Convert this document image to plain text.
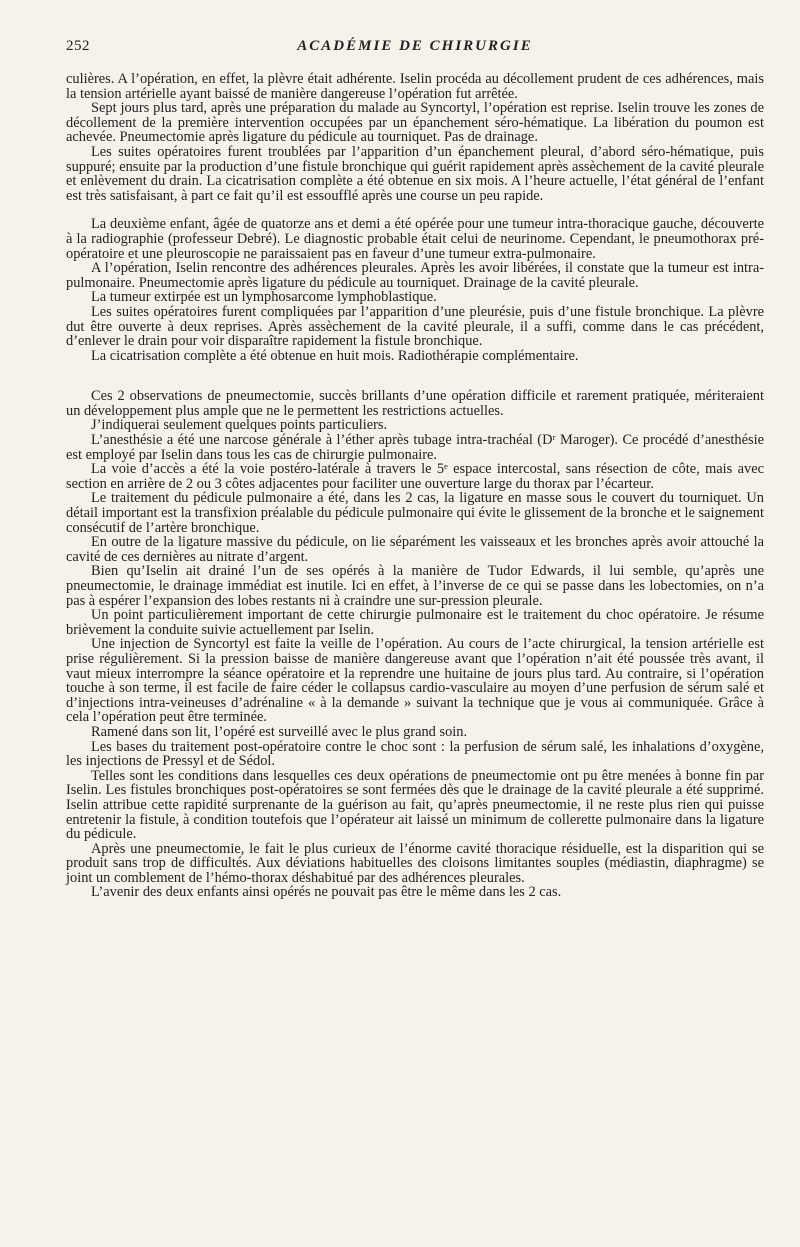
252	ACADÉMIE DE CHIRURGIE

culières. A l’opération, en effet, la plèvre était adhérente. Iselin procéda au décollement prudent de ces adhérences, mais la tension artérielle ayant baissé de manière dangereuse l’opération fut arrêtée.

Sept jours plus tard, après une préparation du malade au Syncortyl, l’opération est reprise. Iselin trouve les zones de décollement de la première intervention occupées par un épanchement séro-hématique. La libération du poumon est achevée. Pneumectomie après ligature du pédicule au tourniquet. Pas de drainage.

Les suites opératoires furent troublées par l’apparition d’un épanchement pleural, d’abord séro-hématique, puis suppuré; ensuite par la production d’une fistule bronchique qui guérit rapidement après assèchement de la cavité pleurale et enlèvement du drain. La cicatrisation complète a été obtenue en six mois. A l’heure actuelle, l’état général de l’enfant est très satisfaisant, à part ce fait qu’il est essoufflé après une course un peu rapide.

La deuxième enfant, âgée de quatorze ans et demi a été opérée pour une tumeur intra-thoracique gauche, découverte à la radiographie (professeur Debré). Le diagnostic probable était celui de neurinome. Cependant, le pneumothorax pré-opératoire et une pleuroscopie ne paraissaient pas en faveur d’une tumeur extra-pulmonaire.

A l’opération, Iselin rencontre des adhérences pleurales. Après les avoir libérées, il constate que la tumeur est intra-pulmonaire. Pneumectomie après ligature du pédicule au tourniquet. Drainage de la cavité pleurale.

La tumeur extirpée est un lymphosarcome lymphoblastique.

Les suites opératoires furent compliquées par l’apparition d’une pleurésie, puis d’une fistule bronchique. La plèvre dut être ouverte à deux reprises. Après assèchement de la cavité pleurale, il a suffi, comme dans le cas précédent, d’enlever le drain pour voir disparaître rapidement la fistule bronchique.

La cicatrisation complète a été obtenue en huit mois. Radiothérapie complémentaire.

Ces 2 observations de pneumectomie, succès brillants d’une opération difficile et rarement pratiquée, mériteraient un développement plus ample que ne le permettent les restrictions actuelles.

J’indiquerai seulement quelques points particuliers.

L’anesthésie a été une narcose générale à l’éther après tubage intra-trachéal (Dʳ Maroger). Ce procédé d’anesthésie est employé par Iselin dans tous les cas de chirurgie pulmonaire.

La voie d’accès a été la voie postéro-latérale à travers le 5ᵉ espace intercostal, sans résection de côte, mais avec section en arrière de 2 ou 3 côtes adjacentes pour faciliter une ouverture large du thorax par l’écarteur.

Le traitement du pédicule pulmonaire a été, dans les 2 cas, la ligature en masse sous le couvert du tourniquet. Un détail important est la transfixion préalable du pédicule pulmonaire qui évite le glissement de la bronche et le saignement consécutif de l’artère bronchique.

En outre de la ligature massive du pédicule, on lie séparément les vaisseaux et les bronches après avoir attouché la cavité de ces dernières au nitrate d’argent.

Bien qu’Iselin ait drainé l’un de ses opérés à la manière de Tudor Edwards, il lui semble, qu’après une pneumectomie, le drainage immédiat est inutile. Ici en effet, à l’inverse de ce qui se passe dans les lobectomies, on n’a pas à espérer l’expansion des lobes restants ni à craindre une sur-pression pleurale.

Un point particulièrement important de cette chirurgie pulmonaire est le traitement du choc opératoire. Je résume brièvement la conduite suivie actuellement par Iselin.

Une injection de Syncortyl est faite la veille de l’opération. Au cours de l’acte chirurgical, la tension artérielle est prise régulièrement. Si la pression baisse de manière dangereuse avant que l’opération n’ait été poussée très avant, il vaut mieux interrompre la séance opératoire et la reprendre une huitaine de jours plus tard. Au contraire, si l’opération touche à son terme, il est facile de faire céder le collapsus cardio-vasculaire au moyen d’une perfusion de sérum salé et d’injections intra-veineuses d’adrénaline « à la demande » suivant la technique que je vous ai communiquée. Grâce à cela l’opération peut être terminée.

Ramené dans son lit, l’opéré est surveillé avec le plus grand soin.

Les bases du traitement post-opératoire contre le choc sont : la perfusion de sérum salé, les inhalations d’oxygène, les injections de Pressyl et de Sédol.

Telles sont les conditions dans lesquelles ces deux opérations de pneumectomie ont pu être menées à bonne fin par Iselin. Les fistules bronchiques post-opératoires se sont fermées dès que le drainage de la cavité pleurale a été supprimé. Iselin attribue cette rapidité surprenante de la guérison au fait, qu’après pneumectomie, il ne reste plus rien qui puisse entretenir la fistule, à condition toutefois que l’opérateur ait laissé un minimum de collerette pulmonaire dans la ligature du pédicule.

Après une pneumectomie, le fait le plus curieux de l’énorme cavité thoracique résiduelle, est la disparition qui se produit sans trop de difficultés. Aux déviations habituelles des cloisons limitantes souples (médiastin, diaphragme) se joint un comblement de l’hémo-thorax déshabitué par des adhérences pleurales.

L’avenir des deux enfants ainsi opérés ne pouvait pas être le même dans les 2 cas.
